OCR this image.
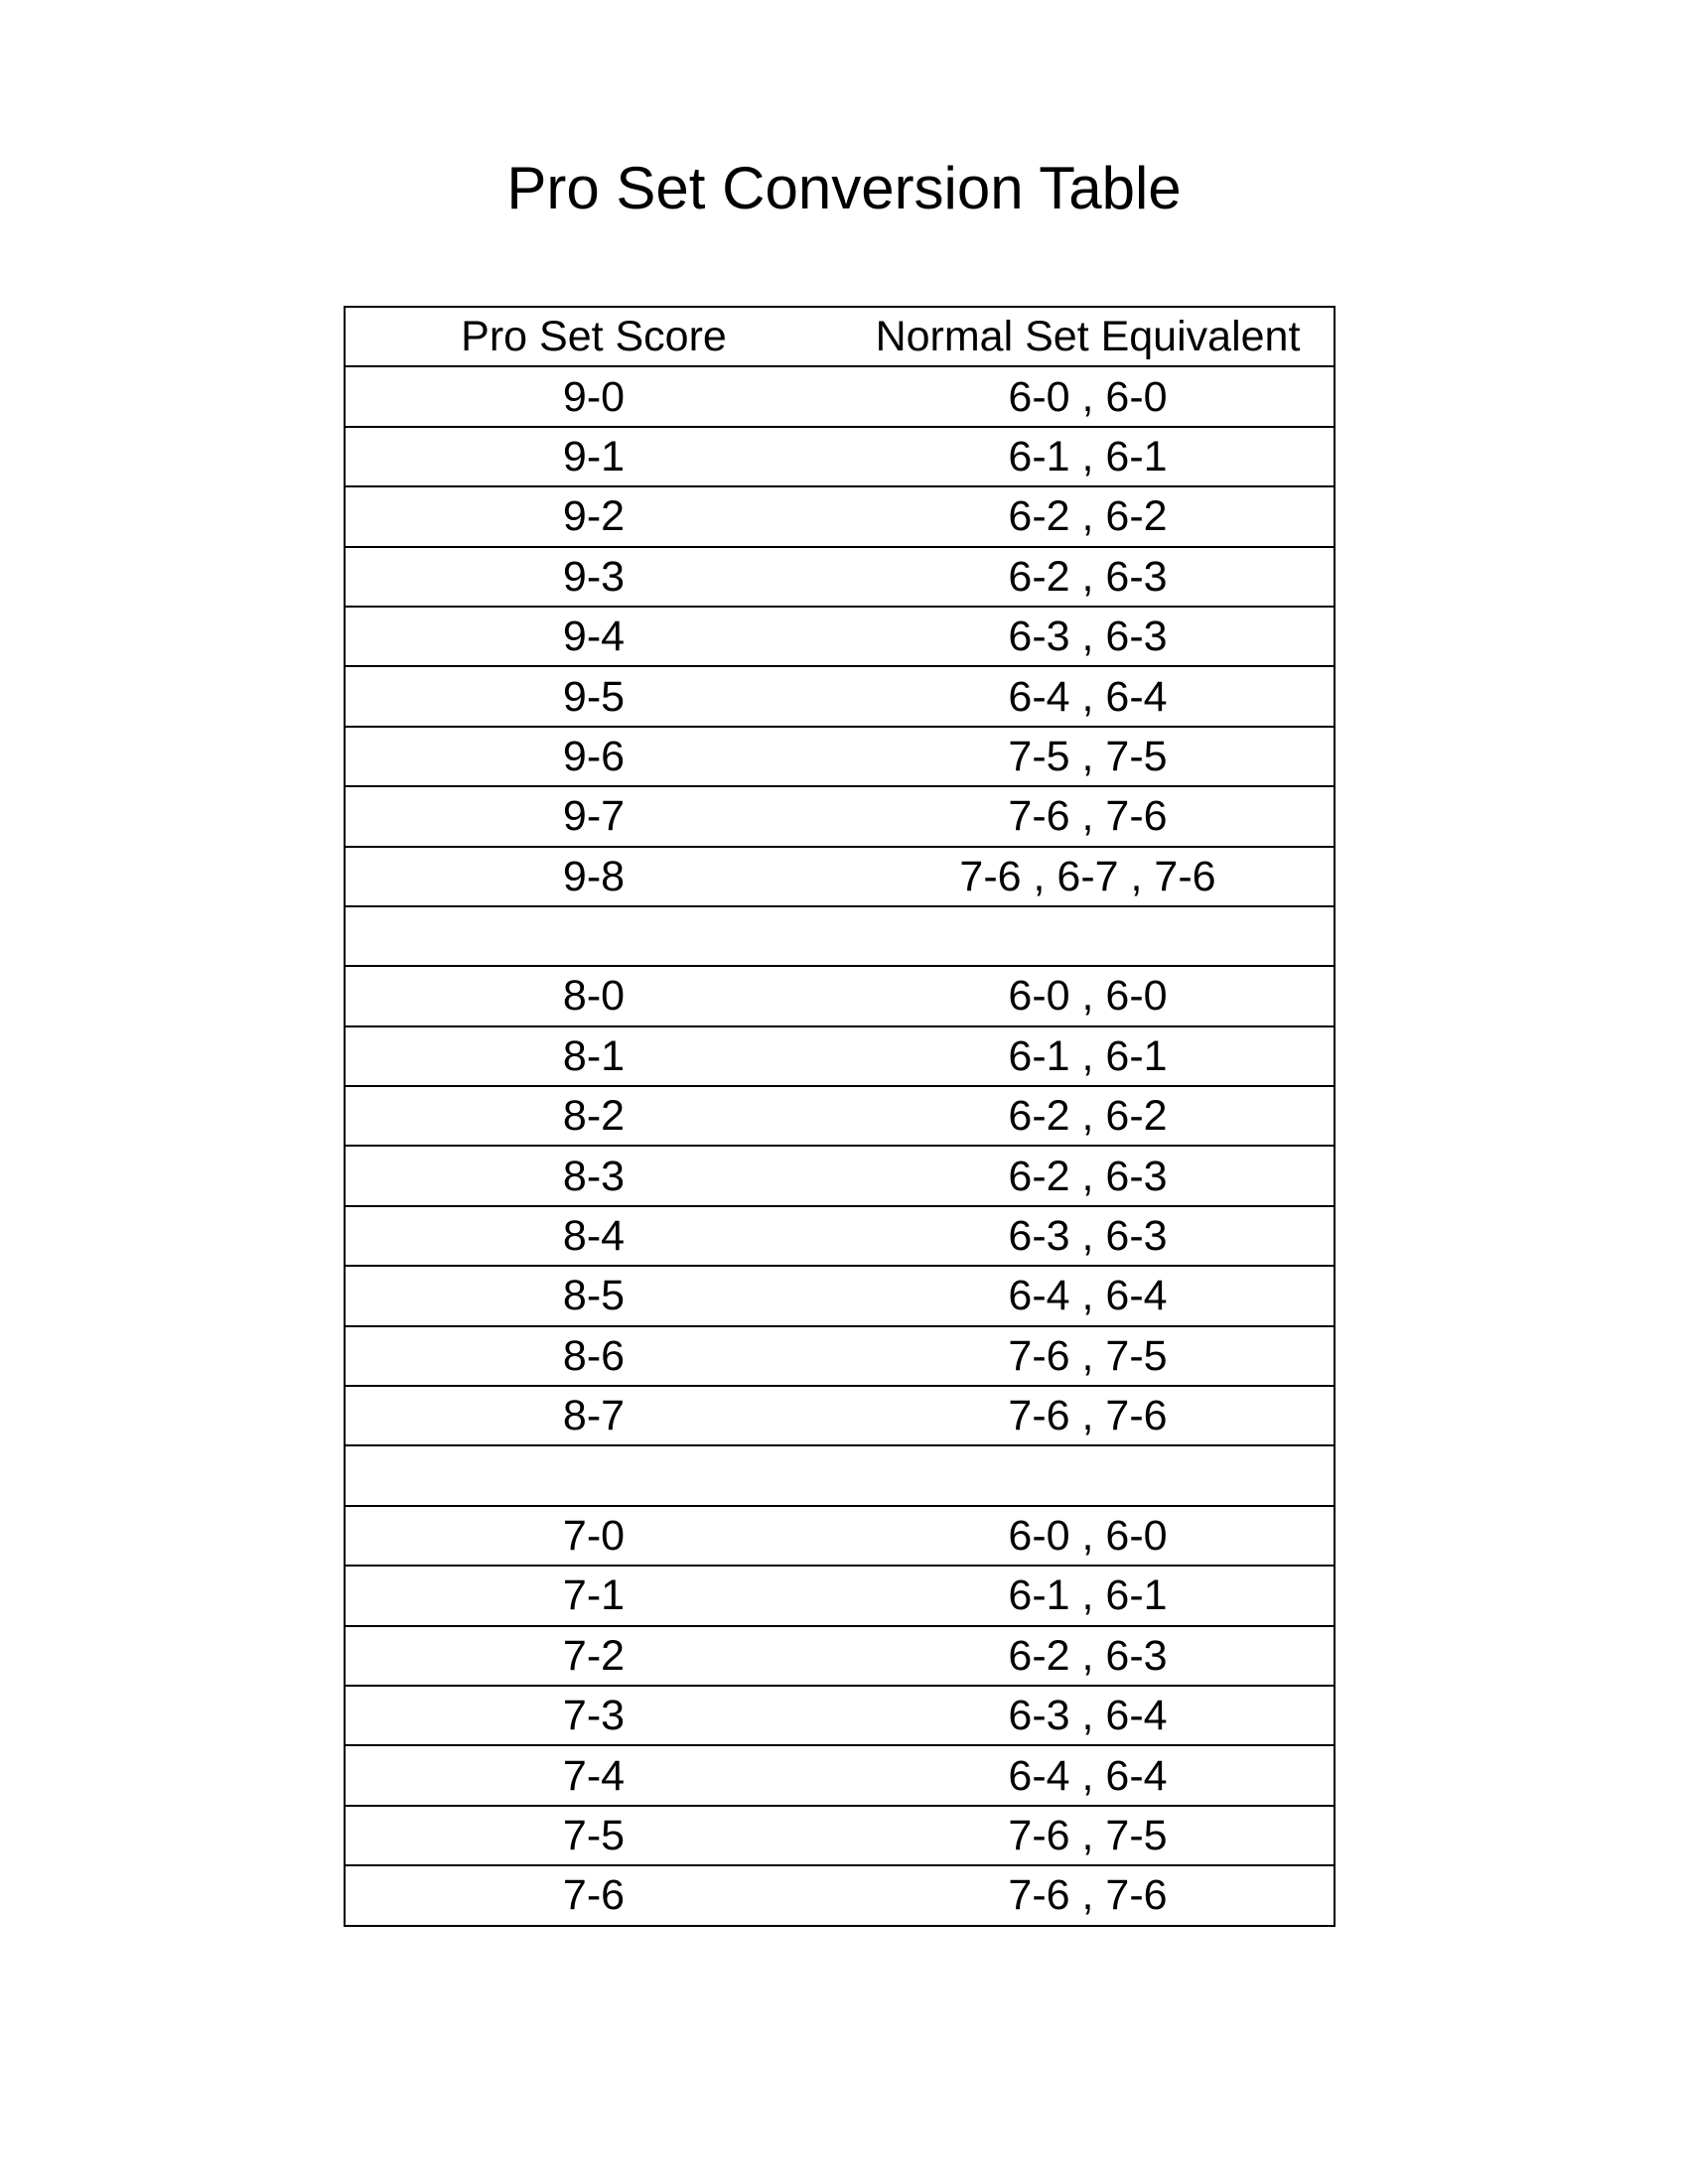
Pro Set Conversion Table
Pro Set Score	Normal Set Equivalent
9-0	6-0 , 6-0
9-1	6-1 , 6-1
9-2	6-2 , 6-2
9-3	6-2 , 6-3
9-4	6-3 , 6-3
9-5	6-4 , 6-4
9-6	7-5 , 7-5
9-7	7-6 , 7-6
9-8	7-6 , 6-7 , 7-6

8-0	6-0 , 6-0
8-1	6-1 , 6-1
8-2	6-2 , 6-2
8-3	6-2 , 6-3
8-4	6-3 , 6-3
8-5	6-4 , 6-4
8-6	7-6 , 7-5
8-7	7-6 , 7-6

7-0	6-0 , 6-0
7-1	6-1 , 6-1
7-2	6-2 , 6-3
7-3	6-3 , 6-4
7-4	6-4 , 6-4
7-5	7-6 , 7-5
7-6	7-6 , 7-6
